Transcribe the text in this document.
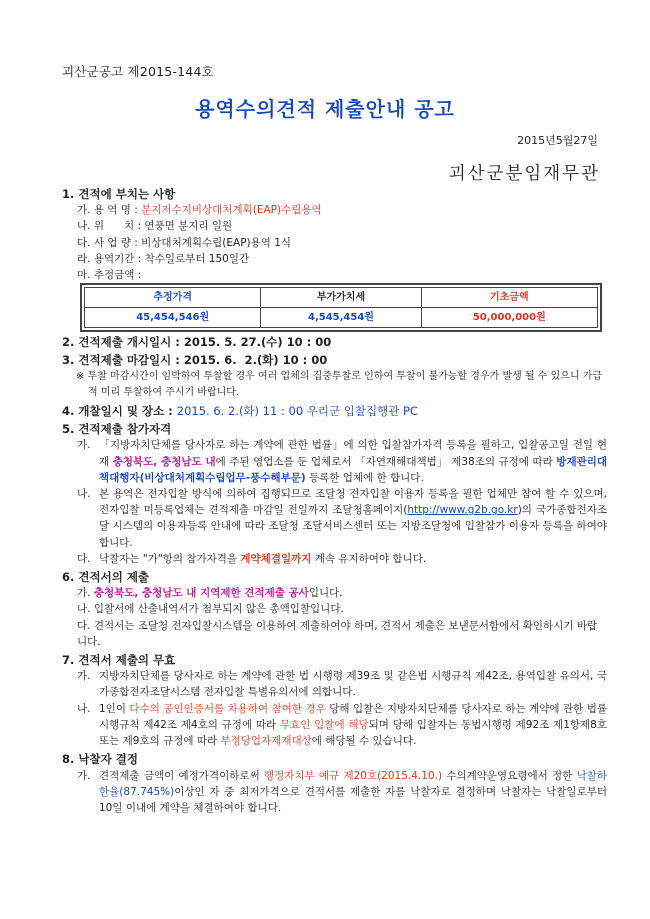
괴산군공고 제2015-144호
용역수의견적 제출안내 공고
2015년5월27일
괴산군분임재무관
1. 견적에 부치는 사항
가. 용 역 명 : 분지저수지비상대처계획(EAP)수립용역
나. 위      치 : 연풍면 분지리 일원
다. 사 업 량 : 비상대처계획수립(EAP)용역 1식
라. 용역기간 : 착수일로부터 150일간
마. 추정금액 :
추정가격	부가가치세	기초금액
45,454,546원	4,545,454원	50,000,000원
2. 견적제출 개시일시 : 2015. 5. 27.(수) 10 : 00
3. 견적제출 마감일시 : 2015. 6.  2.(화) 10 : 00
※ 투찰 마감시간이 임박하여 투찰할 경우 여러 업체의 집중투찰로 인하여 투찰이 불가능할 경우가 발생 될 수 있으니 가급적 미리 투찰하여 주시기 바랍니다.
4. 개찰일시 및 장소 : 2015. 6. 2.(화) 11 : 00 우리군 입찰집행관 PC
5. 견적제출 참가자격
가. 「지방자치단체를 당사자로 하는 계약에 관한 법률」에 의한 입찰참가자격 등록을 필하고, 입찰공고일 전일 현재 충청북도, 충청남도 내에 주된 영업소를 둔 업체로서 「자연재해대책법」 제38조의 규정에 따라 방재관리대책대행자(비상대처계획수립업무-풍수해부문) 등록한 업체에 한 합니다.
나. 본 용역은 전자입찰 방식에 의하여 집행되므로 조달청 전자입찰 이용자 등록을 필한 업체만 참여 할 수 있으며, 전자입찰 미등록업체는 견적제출 마감일 전일까지 조달청홈페이지(http://www.g2b.go.kr)의 국가종합전자조달 시스템의 이용자등록 안내에 따라 조달청 조달서비스센터 또는 지방조달청에 입찰참가 이용자 등록을 하여야 합니다.
다. 낙찰자는 "가"항의 참가자격을 계약체결일까지 계속 유지하여야 합니다.
6. 견적서의 제출
가. 충청북도, 충청남도 내 지역제한 견적제출 공사입니다.
나. 입찰서에 산출내역서가 첨부되지 않은 총액입찰입니다.
다. 견적서는 조달청 전자입찰시스템을 이용하여 제출하여야 하며, 견적서 제출은 보낸문서함에서 확인하시기 바랍니다.
7. 견적서 제출의 무효
가. 지방자치단체를 당사자로 하는 계약에 관한 법 시행령 제39조 및 같은법 시행규칙 제42조, 용역입찰 유의서, 국가종합전자조달시스템 전자입찰 특별유의서에 의합니다.
나. 1인이 다수의 공인인증서를 차용하여 참여한 경우 당해 입찰은 지방자치단체를 당사자로 하는 계약에 관한 법률 시행규칙 제42조 제4호의 규정에 따라 무효인 입찰에 해당되며 당해 입찰자는 동법시행령 제92조 제1항제8호 또는 제9호의 규정에 따라 부정당업자제재대상에 해당될 수 있습니다.
8. 낙찰자 결정
가. 견적제출 금액이 예정가격이하로써 행정자치부 예규 제20호(2015.4.10.) 수의계약운영요령에서 정한 낙찰하한율(87.745%)이상인 자 중 최저가격으로 견적서를 제출한 자를 낙찰자로 결정하며 낙찰자는 낙찰일로부터 10일 이내에 계약을 체결하여야 합니다.
